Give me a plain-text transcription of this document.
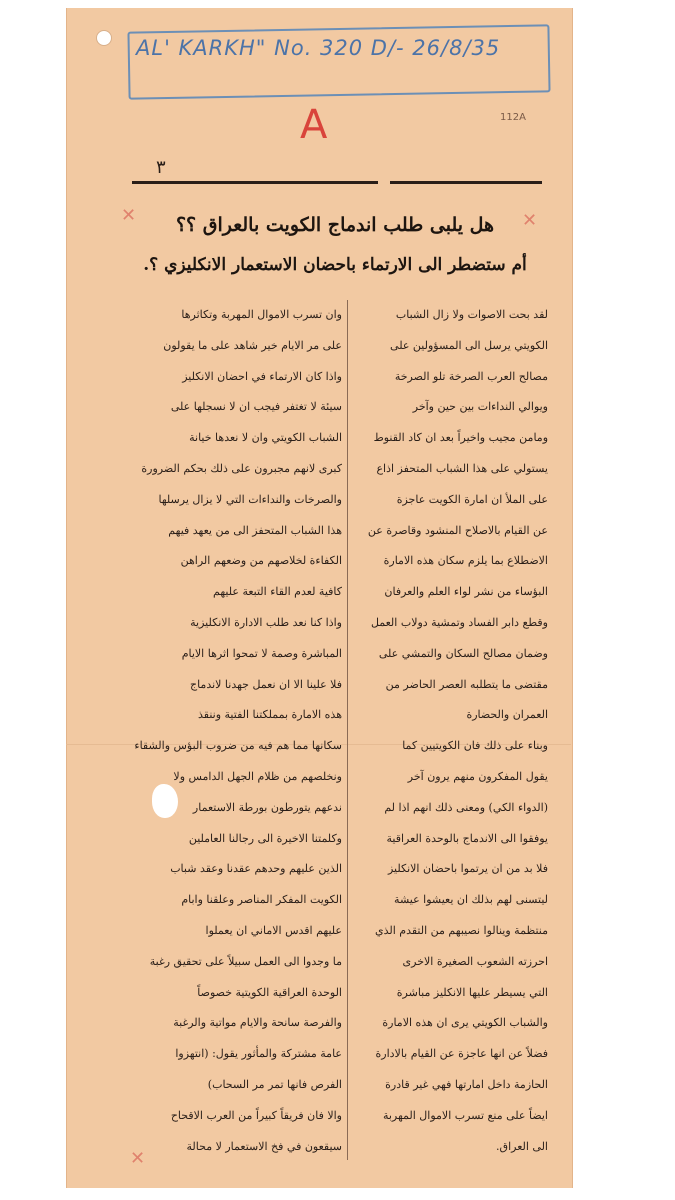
AL' KARKH" No. 320 D/- 26/8/35
A	112A
٣
✕	✕
✕
هل يلبى طلب اندماج الكويت بالعراق ؟؟
أم ستضطر الى الارتماء باحضان الاستعمار الانكليزي ؟.
لقد بحت الاصوات ولا زال الشباب
الكويتي يرسل الى المسؤولين على
مصالح العرب الصرخة تلو الصرخة
ويوالي النداءات بين حين وآخر
ومامن مجيب واخيراً بعد ان كاد القنوط
يستولي على هذا الشباب المتحفز اذاع
على الملأ ان امارة الكويت عاجزة
عن القيام بالاصلاح المنشود وقاصرة عن
الاضطلاع بما يلزم سكان هذه الامارة
البؤساء من نشر لواء العلم والعرفان
وقطع دابر الفساد وتمشية دولاب العمل
وضمان مصالح السكان والتمشي على
مقتضى ما يتطلبه العصر الحاضر من
العمران والحضارة
وبناء على ذلك فان الكويتيين كما
يقول المفكرون منهم يرون آخر
(الدواء الكي) ومعنى ذلك انهم اذا لم
يوفقوا الى الاندماج بالوحدة العراقية
فلا بد من ان يرتموا باحضان الانكليز
ليتسنى لهم بذلك ان يعيشوا عيشة
منتظمة وينالوا نصيبهم من التقدم الذي
احرزته الشعوب الصغيرة الاخرى
التي يسيطر عليها الانكليز مباشرة
والشباب الكويتي يرى ان هذه الامارة
فضلاً عن انها عاجزة عن القيام بالادارة
الحازمة داخل امارتها فهي غير قادرة
ايضاً على منع تسرب الاموال المهربة
الى العراق.
وان تسرب الاموال المهربة وتكاثرها
على مر الايام خير شاهد على ما يقولون
واذا كان الارتماء في احضان الانكليز
سيئة لا تغتفر فيجب ان لا نسجلها على
الشباب الكويتي وان لا نعدها خيانة
كبرى لانهم مجبرون على ذلك بحكم الضرورة
والصرخات والنداءات التي لا يزال يرسلها
هذا الشباب المتحفز الى من يعهد فيهم
الكفاءة لخلاصهم من وضعهم الراهن
كافية لعدم القاء التبعة عليهم
واذا كنا نعد طلب الادارة الانكليزية
المباشرة وصمة لا تمحوا اثرها الايام
فلا علينا الا ان نعمل جهدنا لاندماج
هذه الامارة بمملكتنا الفتية وننقذ
سكانها مما هم فيه من ضروب البؤس والشقاء
ونخلصهم من ظلام الجهل الدامس ولا
ندعهم يتورطون بورطة الاستعمار
وكلمتنا الاخيرة الى رجالنا العاملين
الذين عليهم وحدهم عقدنا وعقد شباب
الكويت المفكر المناصر وعلقنا وابام
عليهم اقدس الاماني ان يعملوا
ما وجدوا الى العمل سبيلاً على تحقيق رغبة
الوحدة العراقية الكويتية خصوصاً
والفرصة سانحة والايام مواتية والرغبة
عامة مشتركة والمأثور يقول: (انتهزوا
الفرص فانها تمر مر السحاب)
والا فان فريقاً كبيراً من العرب الاقحاح
سيقعون في فخ الاستعمار لا محالة
